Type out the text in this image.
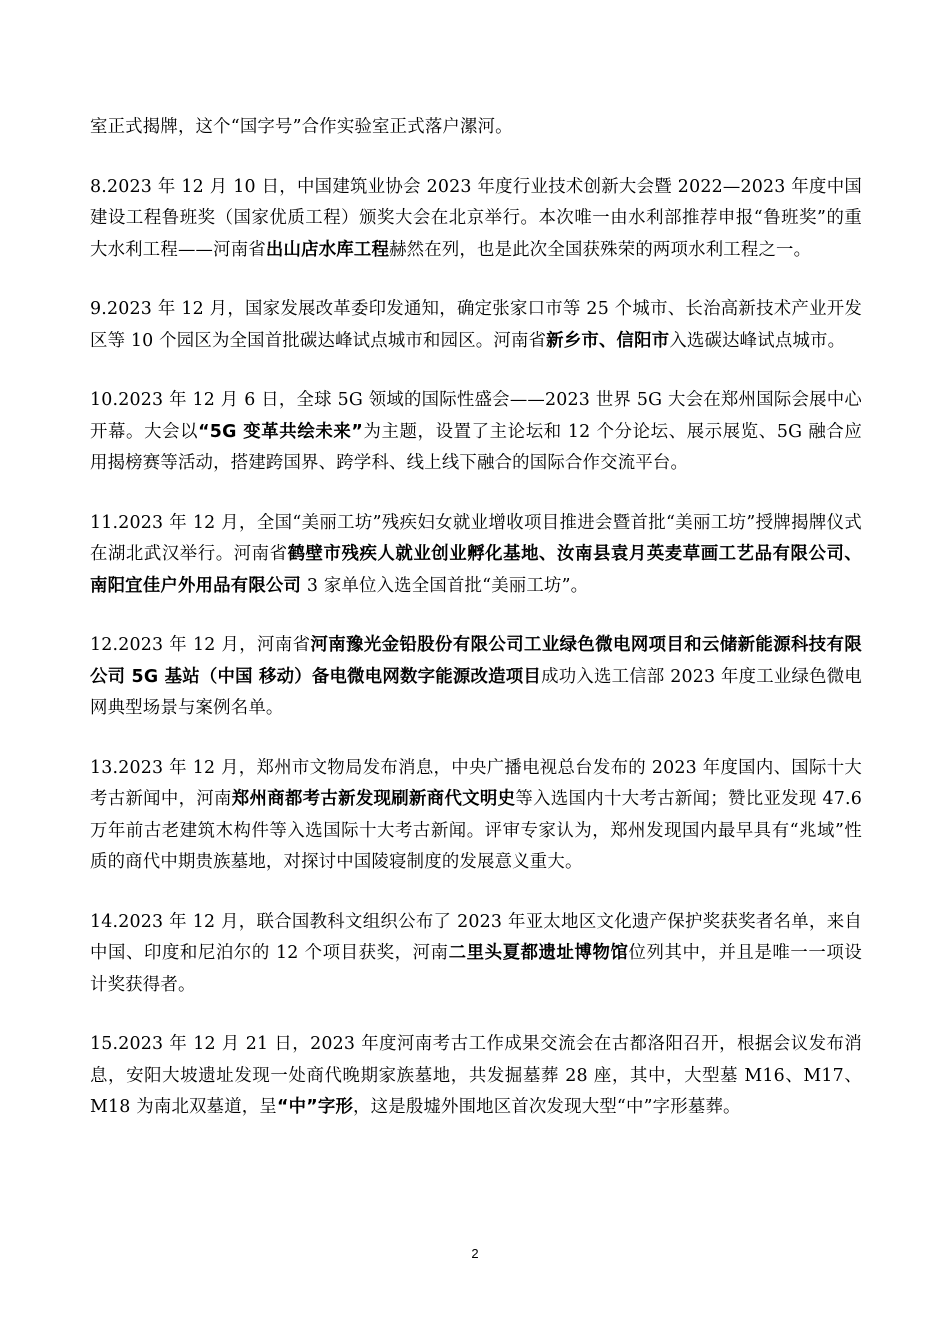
室正式揭牌，这个“国字号”合作实验室正式落户漯河。

8.2023 年 12 月 10 日，中国建筑业协会 2023 年度行业技术创新大会暨 2022—2023 年度中国建设工程鲁班奖（国家优质工程）颁奖大会在北京举行。本次唯一由水利部推荐申报“鲁班奖”的重大水利工程——河南省出山店水库工程赫然在列，也是此次全国获殊荣的两项水利工程之一。

9.2023 年 12 月，国家发展改革委印发通知，确定张家口市等 25 个城市、长治高新技术产业开发区等 10 个园区为全国首批碳达峰试点城市和园区。河南省新乡市、信阳市入选碳达峰试点城市。

10.2023 年 12 月 6 日，全球 5G 领域的国际性盛会——2023 世界 5G 大会在郑州国际会展中心开幕。大会以“5G 变革共绘未来”为主题，设置了主论坛和 12 个分论坛、展示展览、5G 融合应用揭榜赛等活动，搭建跨国界、跨学科、线上线下融合的国际合作交流平台。

11.2023 年 12 月，全国“美丽工坊”残疾妇女就业增收项目推进会暨首批“美丽工坊”授牌揭牌仪式在湖北武汉举行。河南省鹤壁市残疾人就业创业孵化基地、汝南县袁月英麦草画工艺品有限公司、南阳宜佳户外用品有限公司 3 家单位入选全国首批“美丽工坊”。

12.2023 年 12 月，河南省河南豫光金铅股份有限公司工业绿色微电网项目和云储新能源科技有限公司 5G 基站（中国 移动）备电微电网数字能源改造项目成功入选工信部 2023 年度工业绿色微电网典型场景与案例名单。

13.2023 年 12 月，郑州市文物局发布消息，中央广播电视总台发布的 2023 年度国内、国际十大考古新闻中，河南郑州商都考古新发现刷新商代文明史等入选国内十大考古新闻；赞比亚发现 47.6 万年前古老建筑木构件等入选国际十大考古新闻。评审专家认为，郑州发现国内最早具有“兆域”性质的商代中期贵族墓地，对探讨中国陵寝制度的发展意义重大。

14.2023 年 12 月，联合国教科文组织公布了 2023 年亚太地区文化遗产保护奖获奖者名单，来自中国、印度和尼泊尔的 12 个项目获奖，河南二里头夏都遗址博物馆位列其中，并且是唯一一项设计奖获得者。

15.2023 年 12 月 21 日，2023 年度河南考古工作成果交流会在古都洛阳召开，根据会议发布消息，安阳大坡遗址发现一处商代晚期家族墓地，共发掘墓葬 28 座，其中，大型墓 M16、M17、M18 为南北双墓道，呈“中”字形，这是殷墟外围地区首次发现大型“中”字形墓葬。

2
